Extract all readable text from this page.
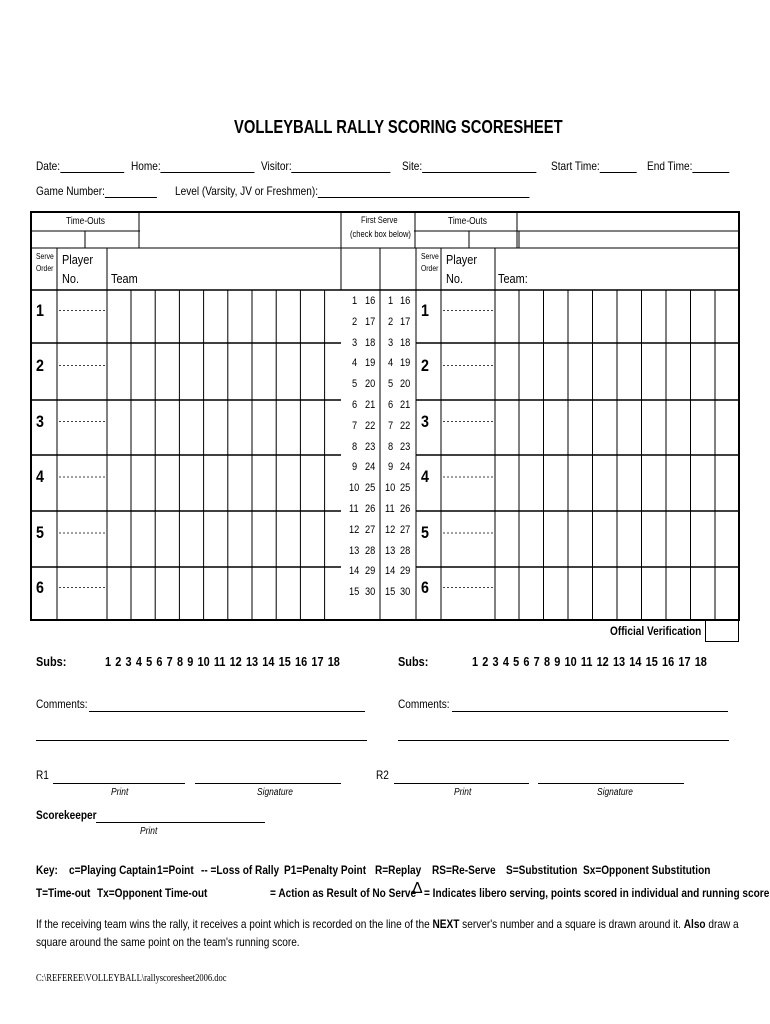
VOLLEYBALL RALLY SCORING SCORESHEET
Date:	Home:	Visitor:	Site:	Start Time:	End Time:
Game Number:	Level (Varsity, JV or Freshmen):
Time-Outs	Time-Outs
First Serve
(check box below)
Serve
Order
Player
No. Team
Serve
Order
Player
No.	Team:
1	1
2	2
3	3
4	4
5	5
6	6
1 16 1 16
2 17 2 17
3 18 3 18
4 19 4 19
5 20 5 20
6 21 6 21
7 22 7 22
8 23 8 23
9 24 9 24
10 25 10 25
11 26 11 26
12 27 12 27
13 28 13 28
14 29 14 29
15 30 15 30
Official Verification
Subs:	1 2 3 4 5 6 7 8 9 10 11 12 13 14 15 16 17 18	Subs:	1 2 3 4 5 6 7 8 9 10 11 12 13 14 15 16 17 18
Comments:	Comments:
R1
Print	Signature
R2
Print	Signature
Scorekeeper
Print
Key: c=Playing Captain 1=Point -- =Loss of Rally P1=Penalty Point R=Replay RS=Re-Serve S=Substitution Sx=Opponent Substitution
T=Time-out Tx=Opponent Time-out	= Action as Result of No Serve
Δ = Indicates libero serving, points scored in individual and running score
If the receiving team wins the rally, it receives a point which is recorded on the line of the NEXT server's number and a square is drawn around it. Also draw a
square around the same point on the team's running score.
C:\REFEREE\VOLLEYBALL\rallyscoresheet2006.doc
